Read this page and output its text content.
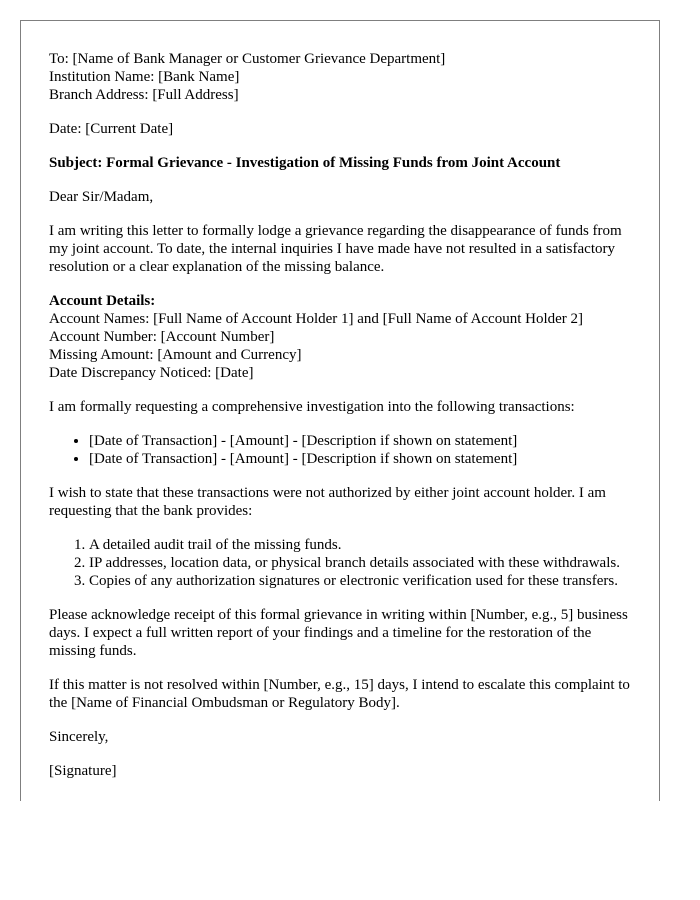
To: [Name of Bank Manager or Customer Grievance Department]
Institution Name: [Bank Name]
Branch Address: [Full Address]

Date: [Current Date]

Subject: Formal Grievance - Investigation of Missing Funds from Joint Account

Dear Sir/Madam,

I am writing this letter to formally lodge a grievance regarding the disappearance of funds from my joint account. To date, the internal inquiries I have made have not resulted in a satisfactory resolution or a clear explanation of the missing balance.

Account Details:
Account Names: [Full Name of Account Holder 1] and [Full Name of Account Holder 2]
Account Number: [Account Number]
Missing Amount: [Amount and Currency]
Date Discrepancy Noticed: [Date]

I am formally requesting a comprehensive investigation into the following transactions:

• [Date of Transaction] - [Amount] - [Description if shown on statement]
• [Date of Transaction] - [Amount] - [Description if shown on statement]

I wish to state that these transactions were not authorized by either joint account holder. I am requesting that the bank provides:

1. A detailed audit trail of the missing funds.
2. IP addresses, location data, or physical branch details associated with these withdrawals.
3. Copies of any authorization signatures or electronic verification used for these transfers.

Please acknowledge receipt of this formal grievance in writing within [Number, e.g., 5] business days. I expect a full written report of your findings and a timeline for the restoration of the missing funds.

If this matter is not resolved within [Number, e.g., 15] days, I intend to escalate this complaint to the [Name of Financial Ombudsman or Regulatory Body].

Sincerely,

[Signature]
